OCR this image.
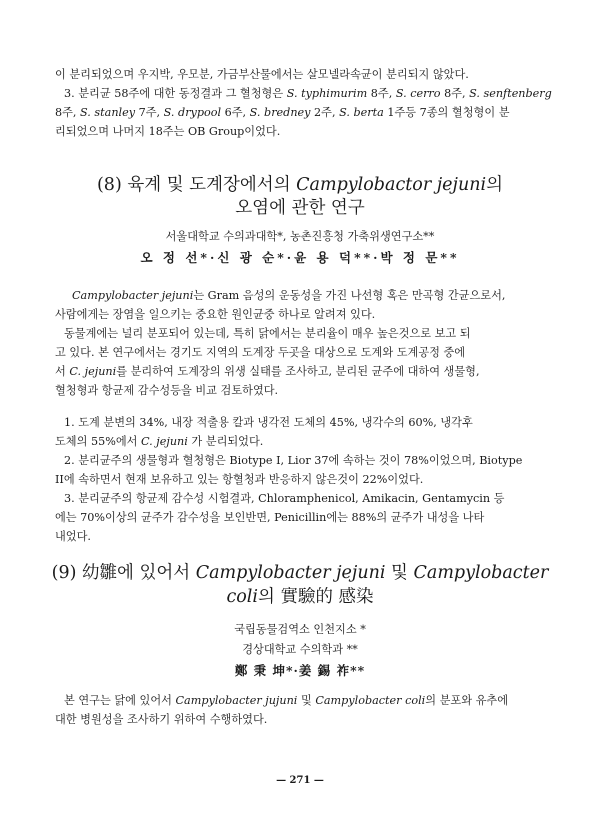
이 분리되었으며 우지박, 우모분, 가금부산물에서는 살모넬라속균이 분리되지 않았다.
3. 분리균 58주에 대한 동정결과 그 혈청형은 S. typhimurim 8주, S. cerro 8주, S. senftenberg
8주, S. stanley 7주, S. drypool 6주, S. bredney 2주, S. berta 1주등 7종의 혈청형이 분
리되었으며 나머지 18주는 OB Group이었다.
(8) 육계 및 도계장에서의 Campylobactor jejuni의
오염에 관한 연구
서울대학교 수의과대학*, 농촌진흥청 가축위생연구소**
오 정 선*·신 광 순*·윤 용 덕**·박 정 문**
Campylobacter jejuni는 Gram 음성의 운동성을 가진 나선형 혹은 만곡형 간균으로서,
사람에게는 장염을 일으키는 중요한 원인균중 하나로 알려져 있다.
동물계에는 널리 분포되어 있는데, 특히 닭에서는 분리율이 매우 높은것으로 보고 되
고 있다. 본 연구에서는 경기도 지역의 도계장 두곳을 대상으로 도계와 도계공정 중에
서 C. jejuni를 분리하여 도계장의 위생 실태를 조사하고, 분리된 균주에 대하여 생물형,
혈청형과 항균제 감수성등을 비교 검토하였다.
1. 도계 분변의 34%, 내장 적출용 칼과 냉각전 도체의 45%, 냉각수의 60%, 냉각후
도체의 55%에서 C. jejuni 가 분리되었다.
2. 분리균주의 생물형과 혈청형은 Biotype I, Lior 37에 속하는 것이 78%이었으며, Biotype
II에 속하면서 현재 보유하고 있는 항혈청과 반응하지 않은것이 22%이었다.
3. 분리균주의 항균제 감수성 시험결과, Chloramphenicol, Amikacin, Gentamycin 등
에는 70%이상의 균주가 감수성을 보인반면, Penicillin에는 88%의 균주가 내성을 나타
내었다.
(9) 幼雛에 있어서 Campylobacter jejuni 및 Campylobacter
coli의 實驗的 感染
국립동물검역소 인천지소 *
경상대학교 수의학과 **
鄭 秉 坤*·姜 錫 祚**
본 연구는 닭에 있어서 Campylobacter jujuni 및 Campylobacter coli의 분포와 유추에
대한 병원성을 조사하기 위하여 수행하였다.
— 271 —
